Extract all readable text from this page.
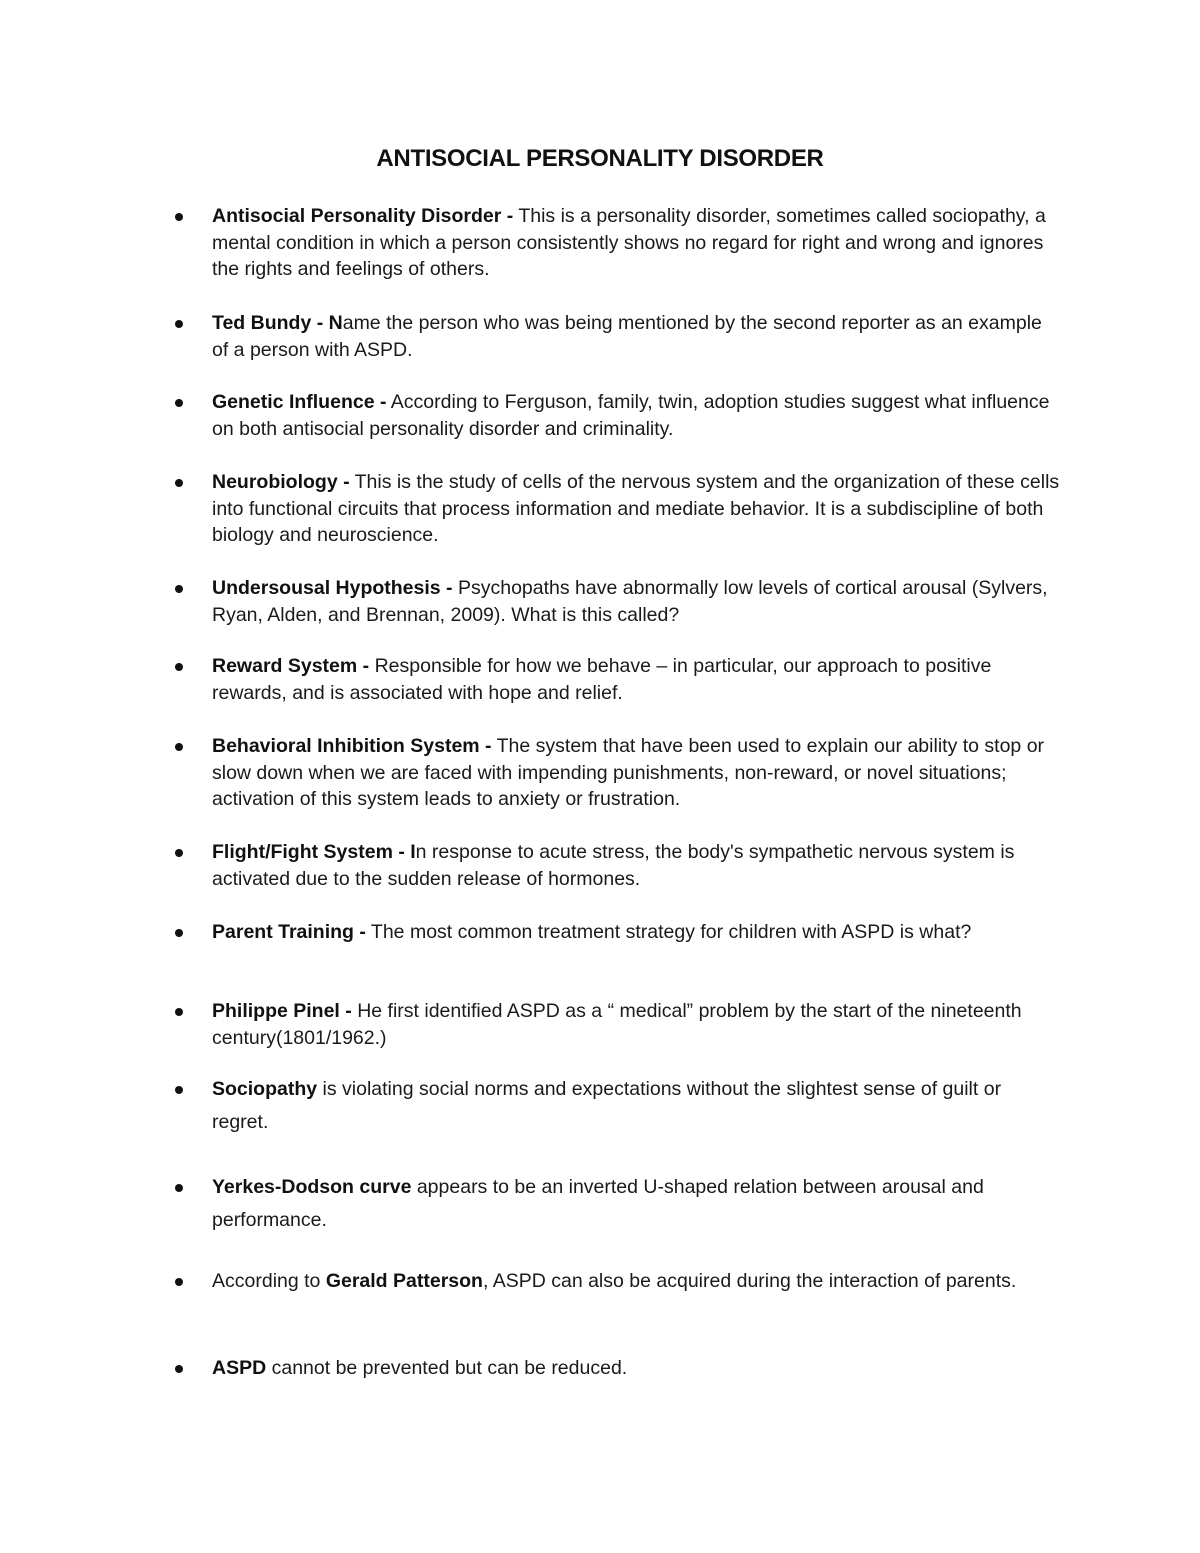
ANTISOCIAL PERSONALITY DISORDER
Antisocial Personality Disorder - This is a personality disorder, sometimes called sociopathy, a mental condition in which a person consistently shows no regard for right and wrong and ignores the rights and feelings of others.
Ted Bundy - Name the person who was being mentioned by the second reporter as an example of a person with ASPD.
Genetic Influence - According to Ferguson, family, twin, adoption studies suggest what influence on both antisocial personality disorder and criminality.
Neurobiology - This is the study of cells of the nervous system and the organization of these cells into functional circuits that process information and mediate behavior. It is a subdiscipline of both biology and neuroscience.
Undersousal Hypothesis - Psychopaths have abnormally low levels of cortical arousal (Sylvers, Ryan, Alden, and Brennan, 2009). What is this called?
Reward System - Responsible for how we behave – in particular, our approach to positive rewards, and is associated with hope and relief.
Behavioral Inhibition System - The system that have been used to explain our ability to stop or slow down when we are faced with impending punishments, non-reward, or novel situations; activation of this system leads to anxiety or frustration.
Flight/Fight System - In response to acute stress, the body's sympathetic nervous system is activated due to the sudden release of hormones.
Parent Training - The most common treatment strategy for children with ASPD is what?
Philippe Pinel - He first identified ASPD as a “ medical” problem by the start of the nineteenth century(1801/1962.)
Sociopathy is violating social norms and expectations without the slightest sense of guilt or regret.
Yerkes-Dodson curve appears to be an inverted U-shaped relation between arousal and performance.
According to Gerald Patterson, ASPD can also be acquired during the interaction of parents.
ASPD cannot be prevented but can be reduced.
